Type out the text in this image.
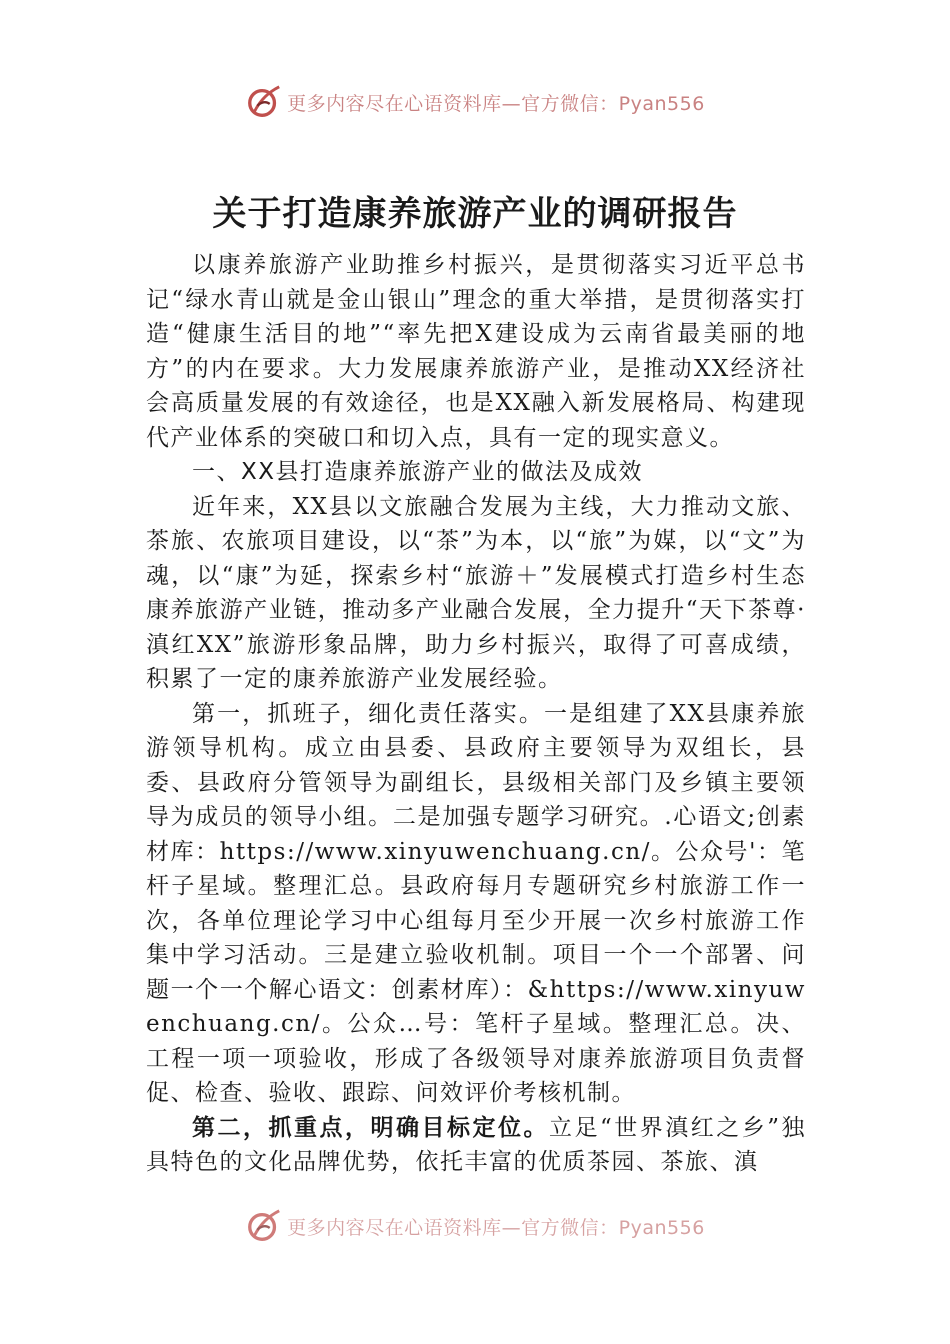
更多内容尽在心语资料库—官方微信：Pyan556
关于打造康养旅游产业的调研报告

以康养旅游产业助推乡村振兴，是贯彻落实习近平总书记“绿水青山就是金山银山”理念的重大举措，是贯彻落实打造“健康生活目的地”“率先把X建设成为云南省最美丽的地方”的内在要求。大力发展康养旅游产业，是推动XX经济社会高质量发展的有效途径，也是XX融入新发展格局、构建现代产业体系的突破口和切入点，具有一定的现实意义。

一、XX县打造康养旅游产业的做法及成效

近年来，XX县以文旅融合发展为主线，大力推动文旅、茶旅、农旅项目建设，以“茶”为本，以“旅”为媒，以“文”为魂，以“康”为延，探索乡村“旅游＋”发展模式打造乡村生态康养旅游产业链，推动多产业融合发展，全力提升“天下茶尊·滇红XX”旅游形象品牌，助力乡村振兴，取得了可喜成绩，积累了一定的康养旅游产业发展经验。

第一，抓班子，细化责任落实。一是组建了XX县康养旅游领导机构。成立由县委、县政府主要领导为双组长，县委、县政府分管领导为副组长，县级相关部门及乡镇主要领导为成员的领导小组。二是加强专题学习研究。.心语文;创素材库：https://www.xinyuwenchuang.cn/。公众号'：笔杆子星域。整理汇总。县政府每月专题研究乡村旅游工作一次，各单位理论学习中心组每月至少开展一次乡村旅游工作集中学习活动。三是建立验收机制。项目一个一个部署、问题一个一个解心语文：创素材库）：&https://www.xinyuwenchuang.cn/。公众…号：笔杆子星域。整理汇总。决、工程一项一项验收，形成了各级领导对康养旅游项目负责督促、检查、验收、跟踪、问效评价考核机制。

第二，抓重点，明确目标定位。立足“世界滇红之乡”独具特色的文化品牌优势，依托丰富的优质茶园、茶旅、滇

更多内容尽在心语资料库—官方微信：Pyan556
